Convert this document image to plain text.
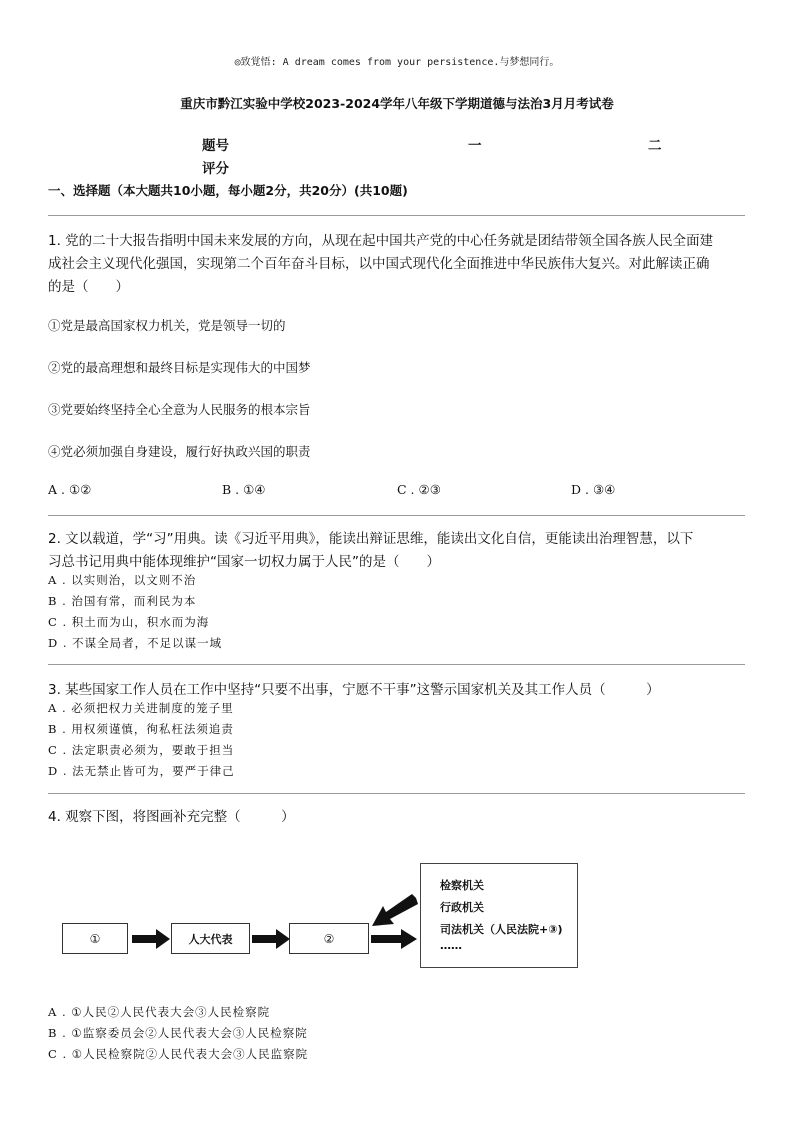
◎致覚悟: A dream comes from your persistence.与梦想同行。
重庆市黔江实验中学校2023-2024学年八年级下学期道德与法治3月月考试卷
题号	一	二
评分
一、选择题（本大题共10小题，每小题2分，共20分）(共10题)
1. 党的二十大报告指明中国未来发展的方向，从现在起中国共产党的中心任务就是团结带领全国各族人民全面建
成社会主义现代化强国，实现第二个百年奋斗目标，以中国式现代化全面推进中华民族伟大复兴。对此解读正确
的是（　　）
①党是最高国家权力机关，党是领导一切的
②党的最高理想和最终目标是实现伟大的中国梦
③党要始终坚持全心全意为人民服务的根本宗旨
④党必须加强自身建设，履行好执政兴国的职责
A . ①②	B . ①④	C . ②③	D . ③④
2. 文以载道，学“习”用典。读《习近平用典》，能读出辩证思维，能读出文化自信，更能读出治理智慧，以下
习总书记用典中能体现维护“国家一切权力属于人民”的是（　　）
A . 以实则治，以文则不治
B . 治国有常，而利民为本
C . 积土而为山，积水而为海
D . 不谋全局者，不足以谋一域
3. 某些国家工作人员在工作中坚持“只要不出事，宁愿不干事”这警示国家机关及其工作人员（　　　）
A . 必须把权力关进制度的笼子里
B . 用权须谨慎，徇私枉法须追责
C . 法定职责必须为，要敢于担当
D . 法无禁止皆可为，要严于律己
4. 观察下图，将图画补充完整（　　　）
①	人大代表	②
检察机关
行政机关
司法机关（人民法院+③)
……
A . ①人民②人民代表大会③人民检察院
B . ①监察委员会②人民代表大会③人民检察院
C . ①人民检察院②人民代表大会③人民监察院
